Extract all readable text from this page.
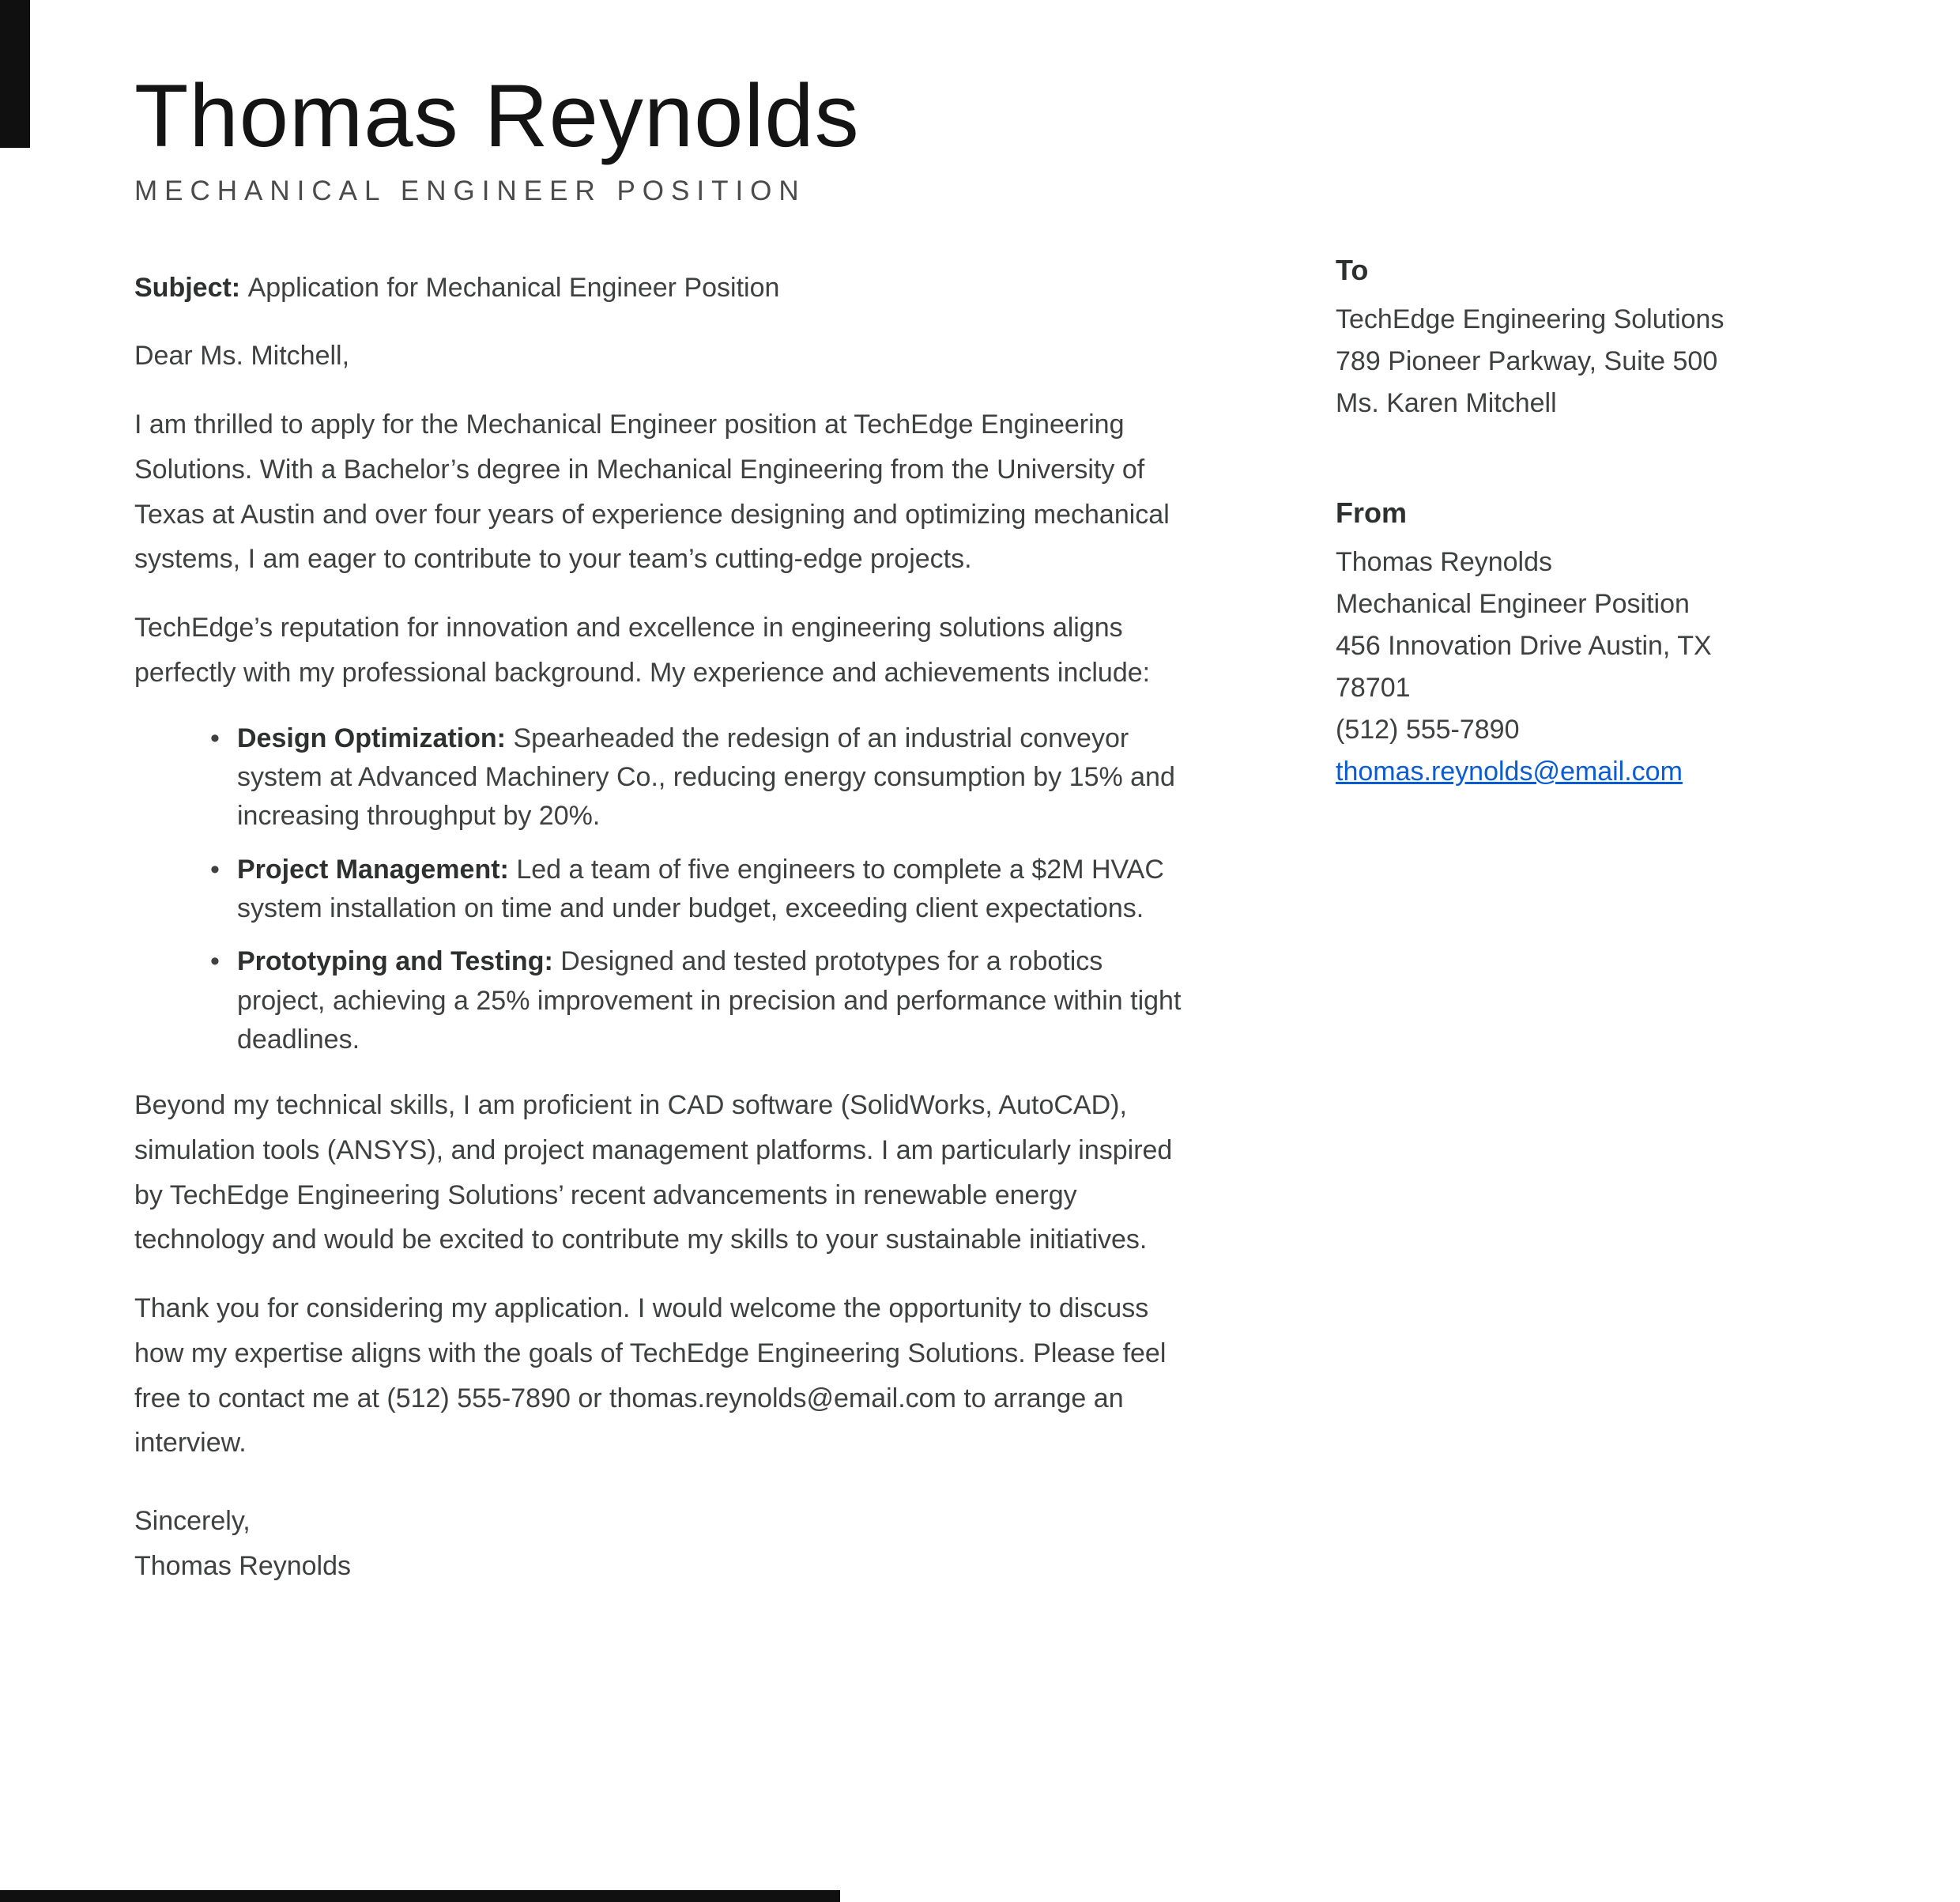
Thomas Reynolds
MECHANICAL ENGINEER POSITION

Subject: Application for Mechanical Engineer Position

Dear Ms. Mitchell,

I am thrilled to apply for the Mechanical Engineer position at TechEdge Engineering Solutions. With a Bachelor’s degree in Mechanical Engineering from the University of Texas at Austin and over four years of experience designing and optimizing mechanical systems, I am eager to contribute to your team’s cutting-edge projects.

TechEdge’s reputation for innovation and excellence in engineering solutions aligns perfectly with my professional background. My experience and achievements include:

• Design Optimization: Spearheaded the redesign of an industrial conveyor system at Advanced Machinery Co., reducing energy consumption by 15% and increasing throughput by 20%.
• Project Management: Led a team of five engineers to complete a $2M HVAC system installation on time and under budget, exceeding client expectations.
• Prototyping and Testing: Designed and tested prototypes for a robotics project, achieving a 25% improvement in precision and performance within tight deadlines.

Beyond my technical skills, I am proficient in CAD software (SolidWorks, AutoCAD), simulation tools (ANSYS), and project management platforms. I am particularly inspired by TechEdge Engineering Solutions’ recent advancements in renewable energy technology and would be excited to contribute my skills to your sustainable initiatives.

Thank you for considering my application. I would welcome the opportunity to discuss how my expertise aligns with the goals of TechEdge Engineering Solutions. Please feel free to contact me at (512) 555-7890 or thomas.reynolds@email.com to arrange an interview.

Sincerely,
Thomas Reynolds
To
TechEdge Engineering Solutions
789 Pioneer Parkway, Suite 500
Ms. Karen Mitchell
From
Thomas Reynolds
Mechanical Engineer Position
456 Innovation Drive Austin, TX
78701
(512) 555-7890
thomas.reynolds@email.com
